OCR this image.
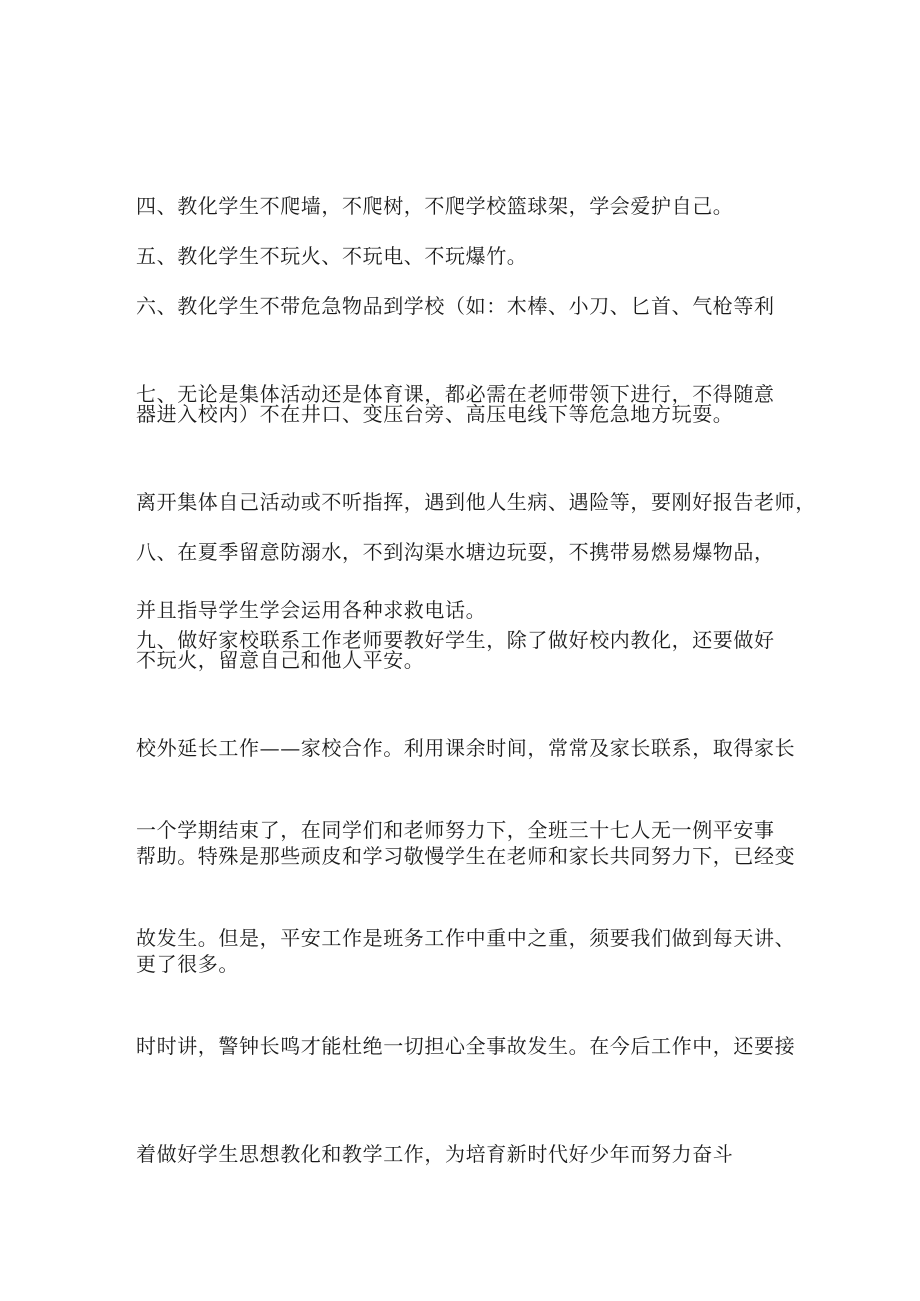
四、教化学生不爬墙，不爬树，不爬学校篮球架，学会爱护自己。

五、教化学生不玩火、不玩电、不玩爆竹。

六、教化学生不带危急物品到学校（如：木棒、小刀、匕首、气枪等利

器进入校内）不在井口、变压台旁、高压电线下等危急地方玩耍。

七、无论是集体活动还是体育课，都必需在老师带领下进行，不得随意

离开集体自己活动或不听指挥，遇到他人生病、遇险等，要刚好报告老师，

并且指导学生学会运用各种求救电话。

八、在夏季留意防溺水，不到沟渠水塘边玩耍，不携带易燃易爆物品，

不玩火，留意自己和他人平安。

九、做好家校联系工作老师要教好学生，除了做好校内教化，还要做好

校外延长工作——家校合作。利用课余时间，常常及家长联系，取得家长

帮助。特殊是那些顽皮和学习敬慢学生在老师和家长共同努力下，已经变

更了很多。

一个学期结束了，在同学们和老师努力下，全班三十七人无一例平安事

故发生。但是，平安工作是班务工作中重中之重，须要我们做到每天讲、

时时讲，警钟长鸣才能杜绝一切担心全事故发生。在今后工作中，还要接

着做好学生思想教化和教学工作，为培育新时代好少年而努力奋斗
